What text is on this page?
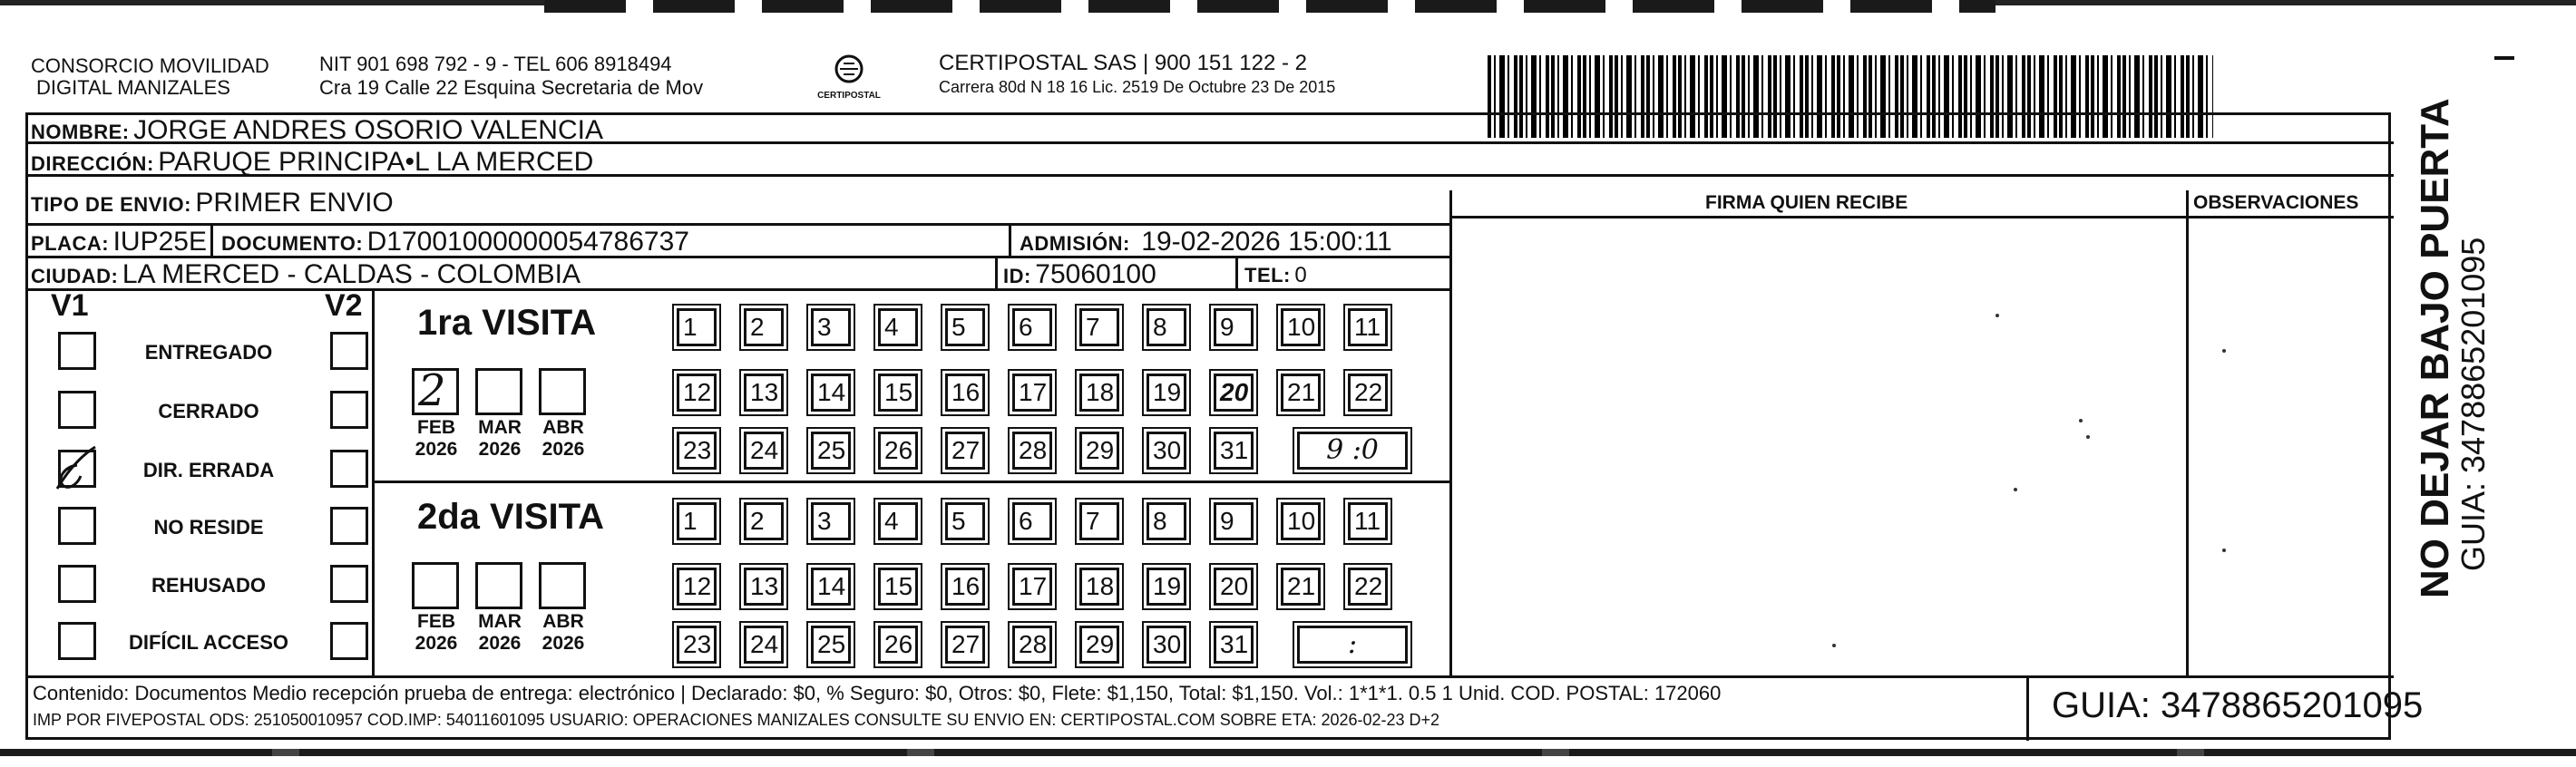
CONSORCIO MOVILIDAD
DIGITAL MANIZALES
NIT 901 698 792 - 9 - TEL 606 8918494
Cra 19 Calle 22 Esquina Secretaria de Mov	CERTIPOSTAL
CERTIPOSTAL SAS | 900 151 122 - 2
Carrera 80d N 18 16 Lic. 2519 De Octubre 23 De 2015
NOMBRE: JORGE ANDRES OSORIO VALENCIA
DIRECCIÓN: PARUQE PRINCIPA•L LA MERCED
TIPO DE ENVIO: PRIMER ENVIO	FIRMA QUIEN RECIBE	OBSERVACIONES
PLACA: IUP25E DOCUMENTO: D17001000000054786737	ADMISIÓN: 19-02-2026 15:00:11
CIUDAD: LA MERCED - CALDAS - COLOMBIA	ID: 75060100	TEL: 0
V1	V2
ENTREGADO
CERRADO
DIR. ERRADA
NO RESIDE
REHUSADO
DIFÍCIL ACCESO
1ra VISITA
2
FEB
2026
MAR
2026
ABR
2026
1	2	3	4	5	6	7	8	9	10 11
12 13 14 15 16 17 18 19 20 21 22
23 24 25 26 27 28 29 30 31	9 :0
2da VISITA
FEB
2026
MAR
2026
ABR
2026
1	2	3	4	5	6	7	8	9	10 11
12 13 14 15 16 17 18 19 20 21 22
23 24 25 26 27 28 29 30 31	:
Contenido: Documentos Medio recepción prueba de entrega: electrónico | Declarado: $0, % Seguro: $0, Otros: $0, Flete: $1,150, Total: $1,150. Vol.: 1*1*1. 0.5 1 Unid. COD. POSTAL: 172060
IMP POR FIVEPOSTAL ODS: 251050010957 COD.IMP: 54011601095 USUARIO: OPERACIONES MANIZALES CONSULTE SU ENVIO EN: CERTIPOSTAL.COM SOBRE ETA: 2026-02-23 D+2	GUIA: 3478865201095
NO DEJAR BAJO PUERTA
GUIA: 3478865201095
